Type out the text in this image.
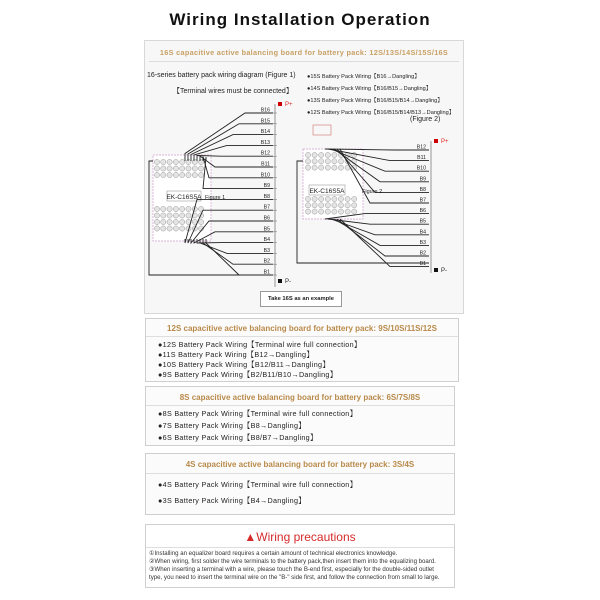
Wiring Installation Operation
16S capacitive active balancing board for battery pack: 12S/13S/14S/15S/16S
16-series battery pack wiring diagram (Figure 1)
【Terminal wires must be connected】
●15S Battery Pack Wiring【B16→Dangling】
●14S Battery Pack Wiring【B16/B15→Dangling】
●13S Battery Pack Wiring【B16/B15/B14→Dangling】
●12S Battery Pack Wiring【B16/B15/B14/B13→Dangling】
(Figure 2)
EK-C16S5A Figure 1
P+
P-
B16
B15
B14
B13
B12
B11
B10
B9
B8
B7
B6
B5
B4
B3
B2
B1
EK-C16S5A	Figure 2
P+
P-
B12
B11
B10
B9
B8
B7
B6
B5
B4
B3
B2
B1
Take 16S as an example
12S capacitive active balancing board for battery pack: 9S/10S/11S/12S
●12S Battery Pack Wiring【Terminal wire full connection】
●11S Battery Pack Wiring【B12→Dangling】
●10S Battery Pack Wiring【B12/B11→Dangling】
●9S Battery Pack Wiring【B2/B11/B10→Dangling】
8S capacitive active balancing board for battery pack: 6S/7S/8S
●8S Battery Pack Wiring【Terminal wire full connection】
●7S Battery Pack Wiring【B8→Dangling】
●6S Battery Pack Wiring【B8/B7→Dangling】
4S capacitive active balancing board for battery pack: 3S/4S
●4S Battery Pack Wiring【Terminal wire full connection】
●3S Battery Pack Wiring【B4→Dangling】
▲Wiring precautions
①Installing an equalizer board requires a certain amount of technical electronics knowledge.
②When wiring, first solder the wire terminals to the battery pack,then insert them into the equalizing board.
③When inserting a terminal with a wire, please touch the B-end first, especially for the double-sided outlet
type, you need to insert the terminal wire on the "B-" side first, and follow the connection from small to large.
